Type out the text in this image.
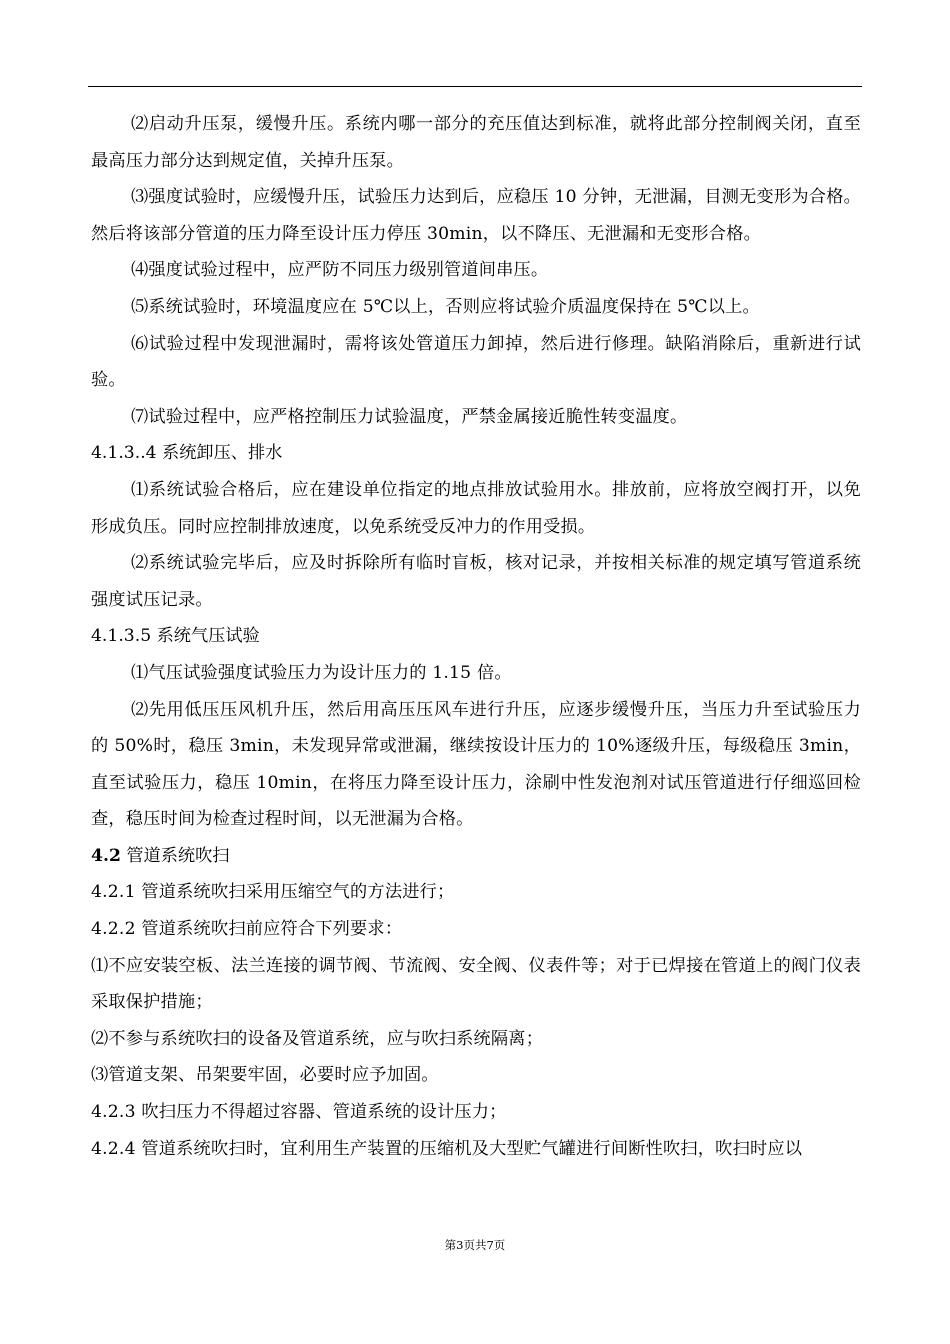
⑵启动升压泵，缓慢升压。系统内哪一部分的充压值达到标准，就将此部分控制阀关闭，直至最高压力部分达到规定值，关掉升压泵。

⑶强度试验时，应缓慢升压，试验压力达到后，应稳压 10 分钟，无泄漏，目测无变形为合格。然后将该部分管道的压力降至设计压力停压 30min，以不降压、无泄漏和无变形合格。

⑷强度试验过程中，应严防不同压力级别管道间串压。

⑸系统试验时，环境温度应在 5℃以上，否则应将试验介质温度保持在 5℃以上。

⑹试验过程中发现泄漏时，需将该处管道压力卸掉，然后进行修理。缺陷消除后，重新进行试验。

⑺试验过程中，应严格控制压力试验温度，严禁金属接近脆性转变温度。

4.1.3..4 系统卸压、排水

⑴系统试验合格后，应在建设单位指定的地点排放试验用水。排放前，应将放空阀打开，以免形成负压。同时应控制排放速度，以免系统受反冲力的作用受损。

⑵系统试验完毕后，应及时拆除所有临时盲板，核对记录，并按相关标准的规定填写管道系统强度试压记录。

4.1.3.5 系统气压试验

⑴气压试验强度试验压力为设计压力的 1.15 倍。

⑵先用低压压风机升压，然后用高压压风车进行升压，应逐步缓慢升压，当压力升至试验压力的 50%时，稳压 3min，未发现异常或泄漏，继续按设计压力的 10%逐级升压，每级稳压 3min，直至试验压力，稳压 10min，在将压力降至设计压力，涂刷中性发泡剂对试压管道进行仔细巡回检查，稳压时间为检查过程时间，以无泄漏为合格。

4.2 管道系统吹扫

4.2.1 管道系统吹扫采用压缩空气的方法进行；

4.2.2 管道系统吹扫前应符合下列要求：

⑴不应安装空板、法兰连接的调节阀、节流阀、安全阀、仪表件等；对于已焊接在管道上的阀门仪表采取保护措施；

⑵不参与系统吹扫的设备及管道系统，应与吹扫系统隔离；

⑶管道支架、吊架要牢固，必要时应予加固。

4.2.3 吹扫压力不得超过容器、管道系统的设计压力；

4.2.4 管道系统吹扫时，宜利用生产装置的压缩机及大型贮气罐进行间断性吹扫，吹扫时应以

第3页共7页
